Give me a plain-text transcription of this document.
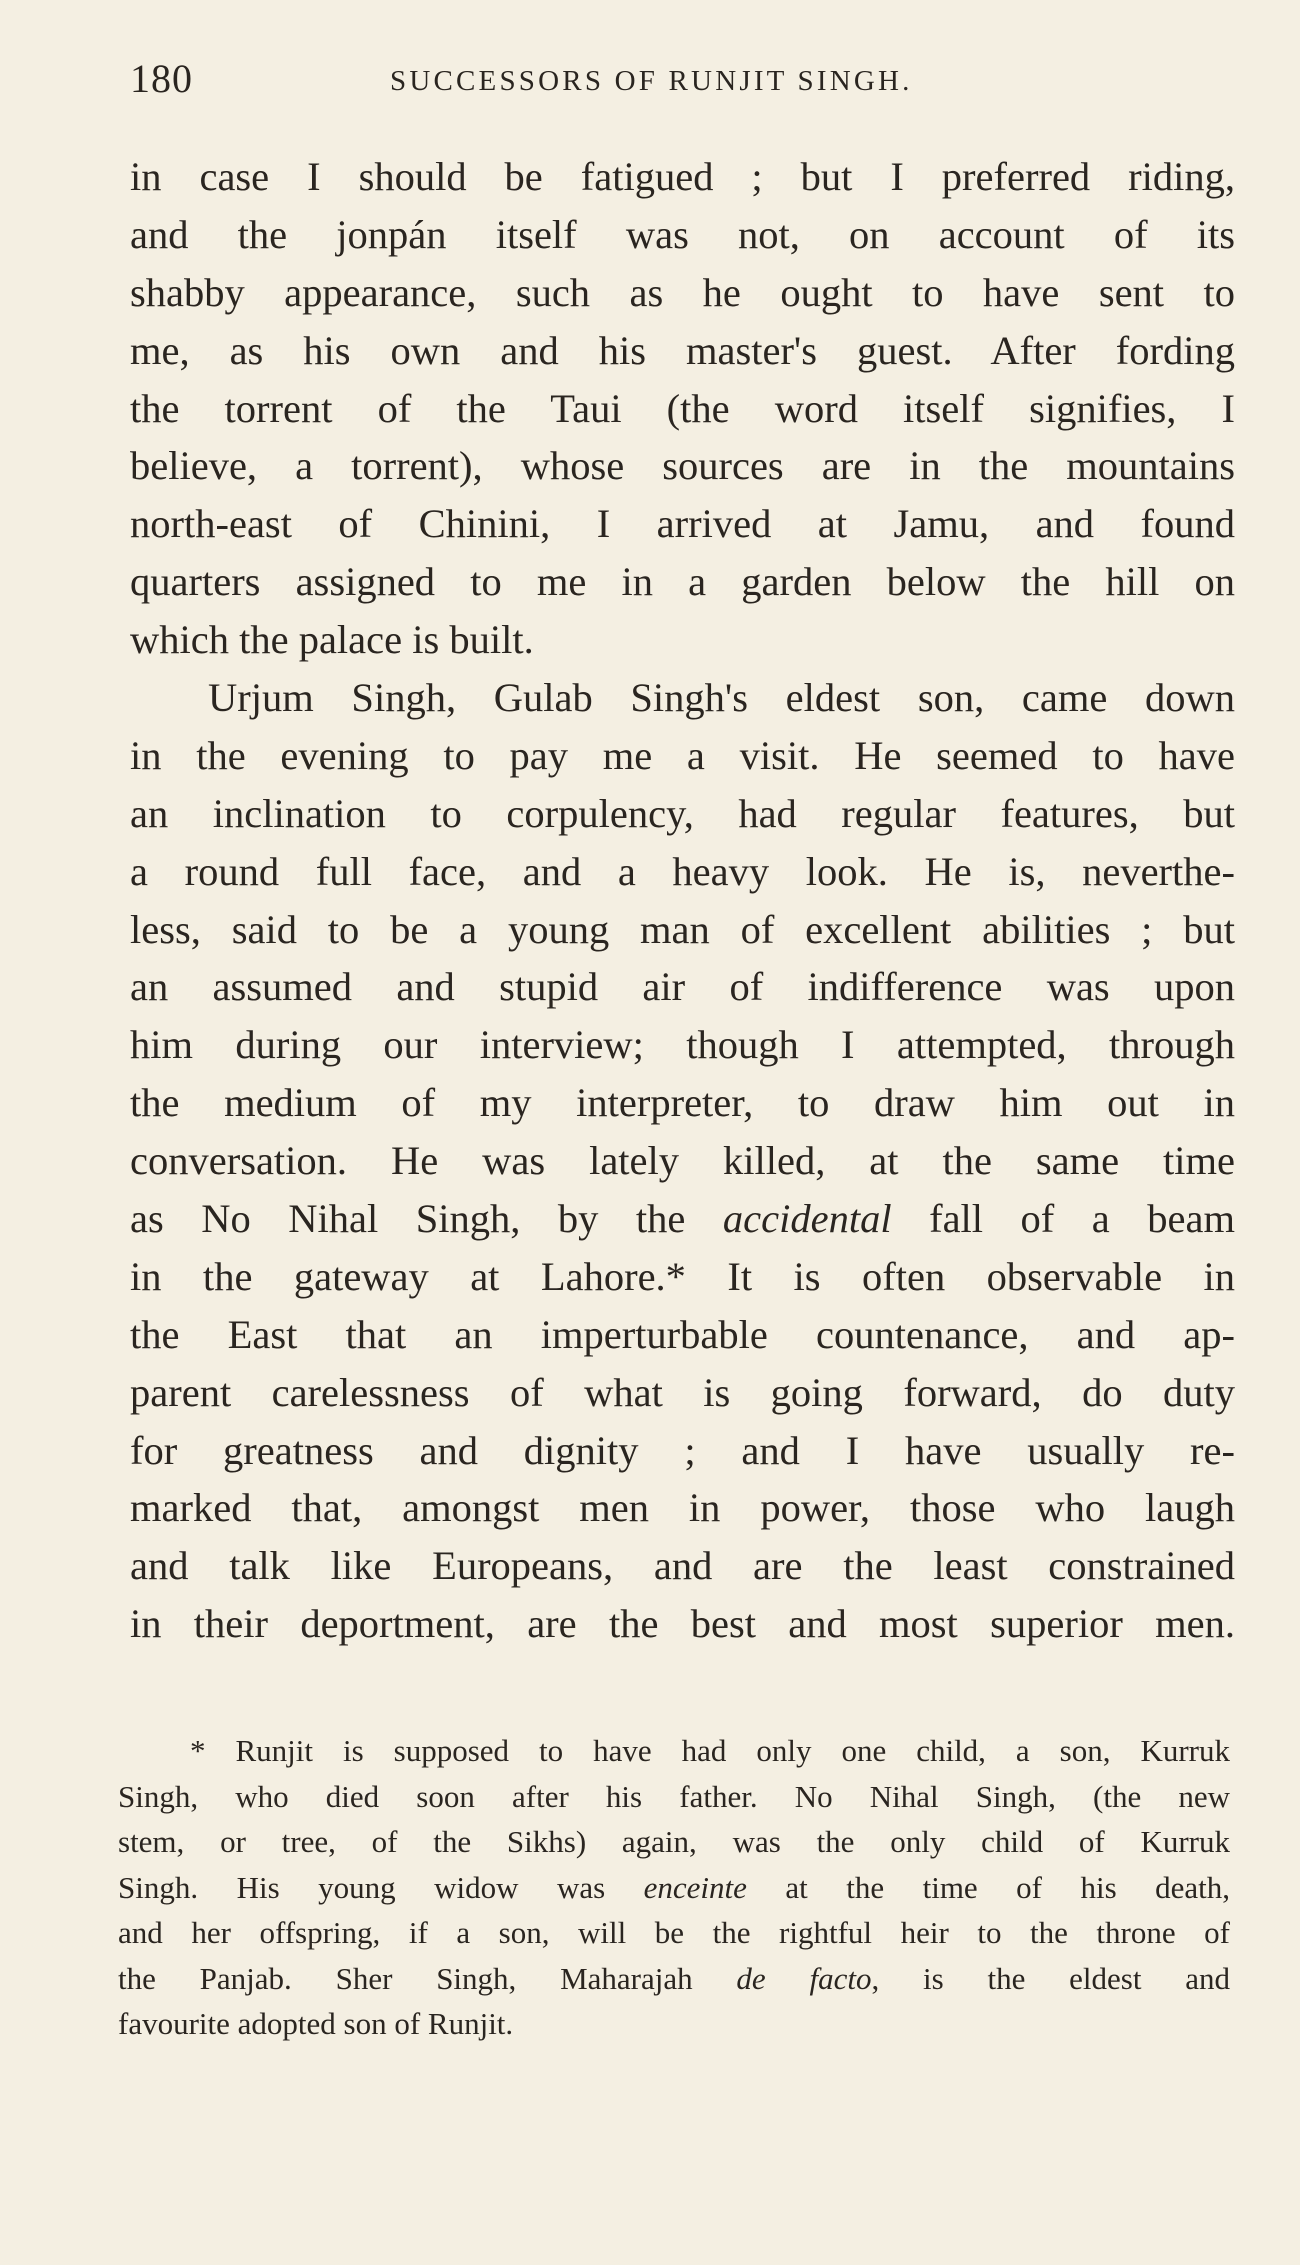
180	SUCCESSORS OF RUNJIT SINGH.
in case I should be fatigued ; but I preferred riding,
and the jonpán itself was not, on account of its
shabby appearance, such as he ought to have sent to
me, as his own and his master's guest. After fording
the torrent of the Taui (the word itself signifies, I
believe, a torrent), whose sources are in the mountains
north-east of Chinini, I arrived at Jamu, and found
quarters assigned to me in a garden below the hill on
which the palace is built.
Urjum Singh, Gulab Singh's eldest son, came down
in the evening to pay me a visit. He seemed to have
an inclination to corpulency, had regular features, but
a round full face, and a heavy look. He is, neverthe-
less, said to be a young man of excellent abilities ; but
an assumed and stupid air of indifference was upon
him during our interview; though I attempted, through
the medium of my interpreter, to draw him out in
conversation. He was lately killed, at the same time
as No Nihal Singh, by the accidental fall of a beam
in the gateway at Lahore.* It is often observable in
the East that an imperturbable countenance, and ap-
parent carelessness of what is going forward, do duty
for greatness and dignity ; and I have usually re-
marked that, amongst men in power, those who laugh
and talk like Europeans, and are the least constrained
in their deportment, are the best and most superior men.
* Runjit is supposed to have had only one child, a son, Kurruk
Singh, who died soon after his father. No Nihal Singh, (the new
stem, or tree, of the Sikhs) again, was the only child of Kurruk
Singh. His young widow was enceinte at the time of his death,
and her offspring, if a son, will be the rightful heir to the throne of
the Panjab. Sher Singh, Maharajah de facto, is the eldest and
favourite adopted son of Runjit.
